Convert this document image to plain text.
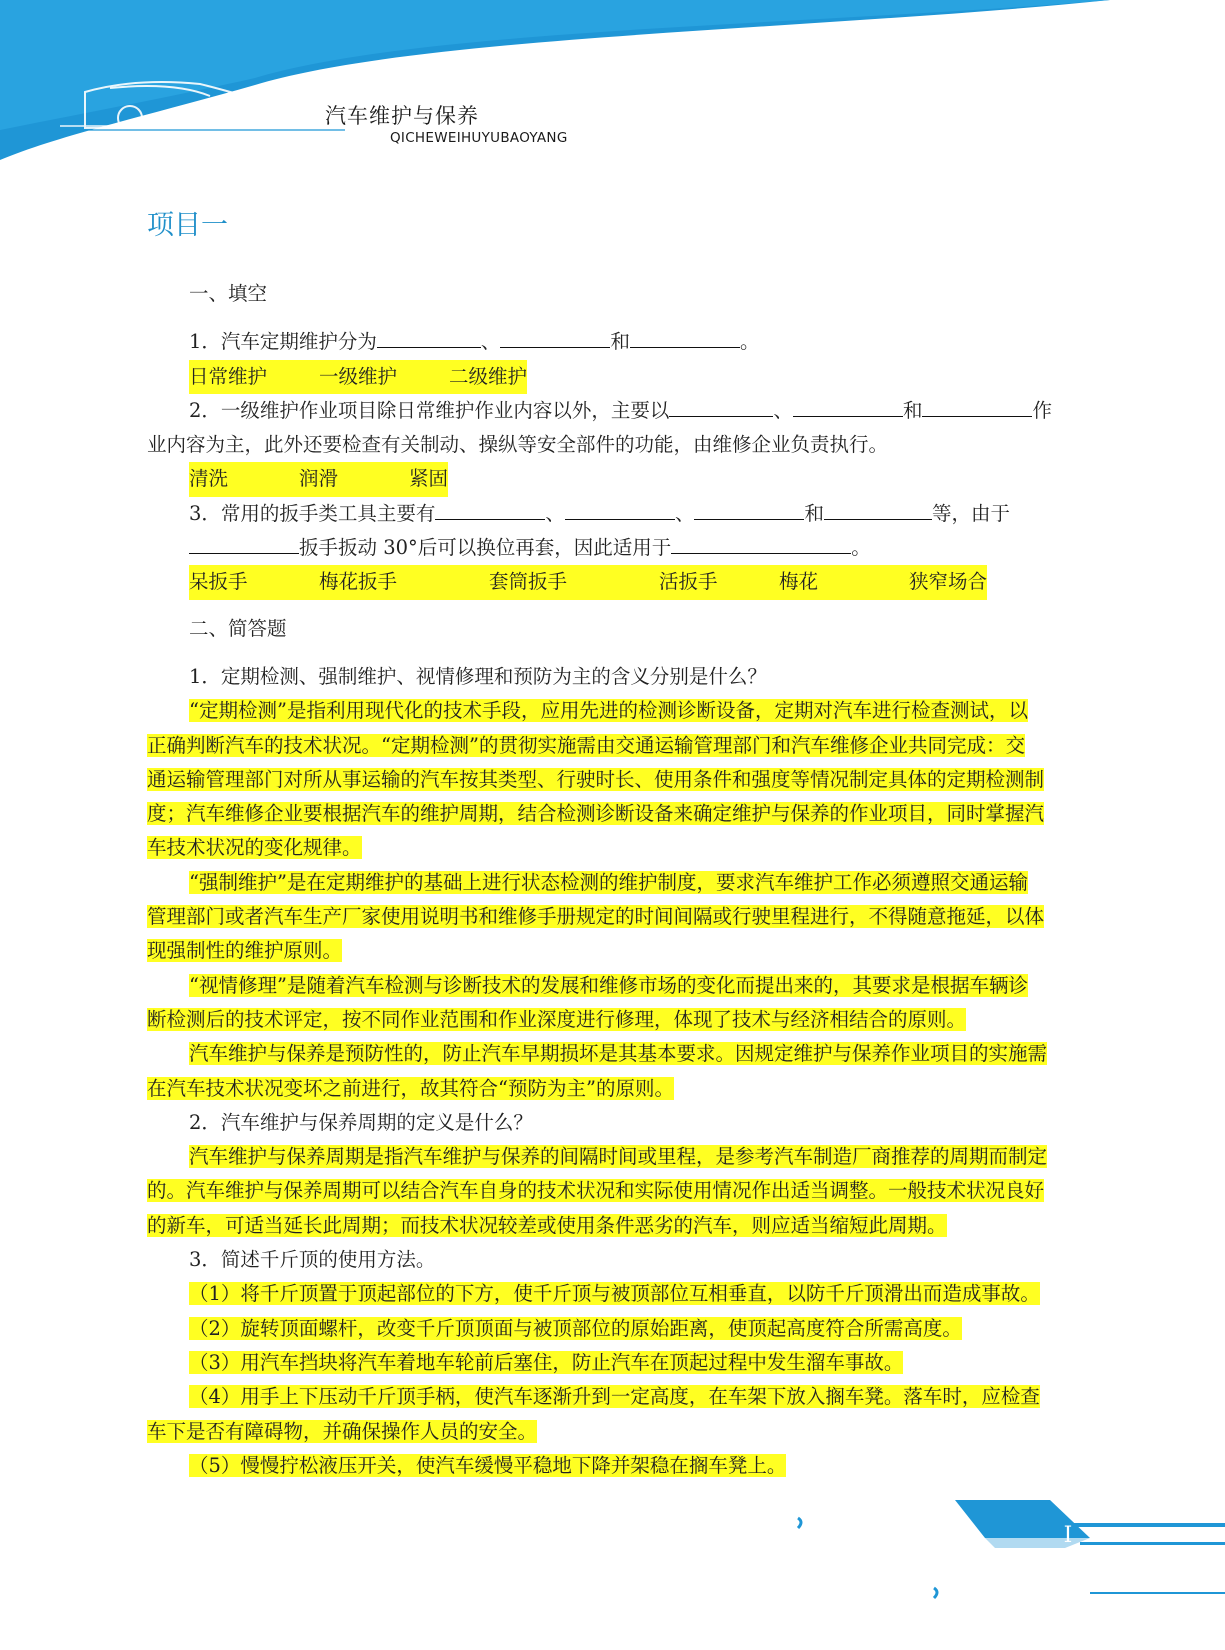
汽车维护与保养
QICHEWEIHUYUBAOYANG
项目一
一、填空
1．汽车定期维护分为	、	和	。
日常维护	一级维护	二级维护
2．一级维护作业项目除日常维护作业内容以外，主要以	、	和	作
业内容为主，此外还要检查有关制动、操纵等安全部件的功能，由维修企业负责执行。
清洗	润滑	紧固
3．常用的扳手类工具主要有	、	、	和	等，由于
扳手扳动 30°后可以换位再套，因此适用于	。
呆扳手	梅花扳手	套筒扳手	活扳手	梅花	狭窄场合
二、简答题
1．定期检测、强制维护、视情修理和预防为主的含义分别是什么？
“定期检测”是指利用现代化的技术手段，应用先进的检测诊断设备，定期对汽车进行检查测试，以
正确判断汽车的技术状况。“定期检测”的贯彻实施需由交通运输管理部门和汽车维修企业共同完成：交
通运输管理部门对所从事运输的汽车按其类型、行驶时长、使用条件和强度等情况制定具体的定期检测制
度；汽车维修企业要根据汽车的维护周期，结合检测诊断设备来确定维护与保养的作业项目，同时掌握汽
车技术状况的变化规律。
“强制维护”是在定期维护的基础上进行状态检测的维护制度，要求汽车维护工作必须遵照交通运输
管理部门或者汽车生产厂家使用说明书和维修手册规定的时间间隔或行驶里程进行，不得随意拖延，以体
现强制性的维护原则。
“视情修理”是随着汽车检测与诊断技术的发展和维修市场的变化而提出来的，其要求是根据车辆诊
断检测后的技术评定，按不同作业范围和作业深度进行修理，体现了技术与经济相结合的原则。
汽车维护与保养是预防性的，防止汽车早期损坏是其基本要求。因规定维护与保养作业项目的实施需
在汽车技术状况变坏之前进行，故其符合“预防为主”的原则。
2．汽车维护与保养周期的定义是什么？
汽车维护与保养周期是指汽车维护与保养的间隔时间或里程，是参考汽车制造厂商推荐的周期而制定
的。汽车维护与保养周期可以结合汽车自身的技术状况和实际使用情况作出适当调整。一般技术状况良好
的新车，可适当延长此周期；而技术状况较差或使用条件恶劣的汽车，则应适当缩短此周期。
3．简述千斤顶的使用方法。
（1）将千斤顶置于顶起部位的下方，使千斤顶与被顶部位互相垂直，以防千斤顶滑出而造成事故。
（2）旋转顶面螺杆，改变千斤顶顶面与被顶部位的原始距离，使顶起高度符合所需高度。
（3）用汽车挡块将汽车着地车轮前后塞住，防止汽车在顶起过程中发生溜车事故。
（4）用手上下压动千斤顶手柄，使汽车逐渐升到一定高度，在车架下放入搁车凳。落车时，应检查
车下是否有障碍物，并确保操作人员的安全。
（5）慢慢拧松液压开关，使汽车缓慢平稳地下降并架稳在搁车凳上。
I
